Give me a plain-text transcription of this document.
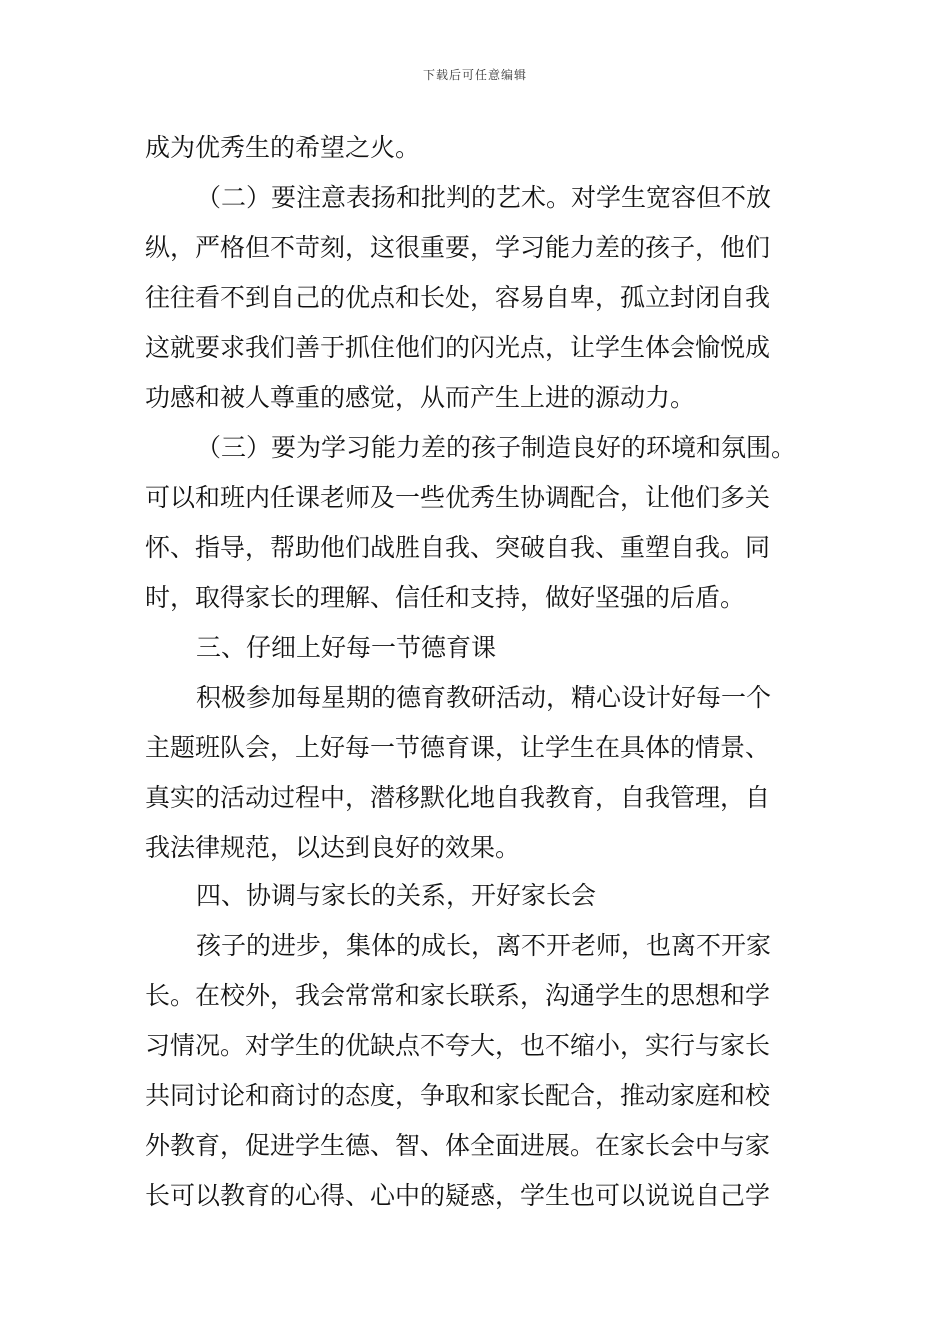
下载后可任意编辑
成为优秀生的希望之火。
（二）要注意表扬和批判的艺术。对学生宽容但不放
纵，严格但不苛刻，这很重要，学习能力差的孩子，他们
往往看不到自己的优点和长处，容易自卑，孤立封闭自我
这就要求我们善于抓住他们的闪光点，让学生体会愉悦成
功感和被人尊重的感觉，从而产生上进的源动力。
（三）要为学习能力差的孩子制造良好的环境和氛围。
可以和班内任课老师及一些优秀生协调配合，让他们多关
怀、指导，帮助他们战胜自我、突破自我、重塑自我。同
时，取得家长的理解、信任和支持，做好坚强的后盾。
三、仔细上好每一节德育课
积极参加每星期的德育教研活动，精心设计好每一个
主题班队会，上好每一节德育课，让学生在具体的情景、
真实的活动过程中，潜移默化地自我教育，自我管理，自
我法律规范，以达到良好的效果。
四、协调与家长的关系，开好家长会
孩子的进步，集体的成长，离不开老师，也离不开家
长。在校外，我会常常和家长联系，沟通学生的思想和学
习情况。对学生的优缺点不夸大，也不缩小，实行与家长
共同讨论和商讨的态度，争取和家长配合，推动家庭和校
外教育，促进学生德、智、体全面进展。在家长会中与家
长可以教育的心得、心中的疑惑，学生也可以说说自己学
